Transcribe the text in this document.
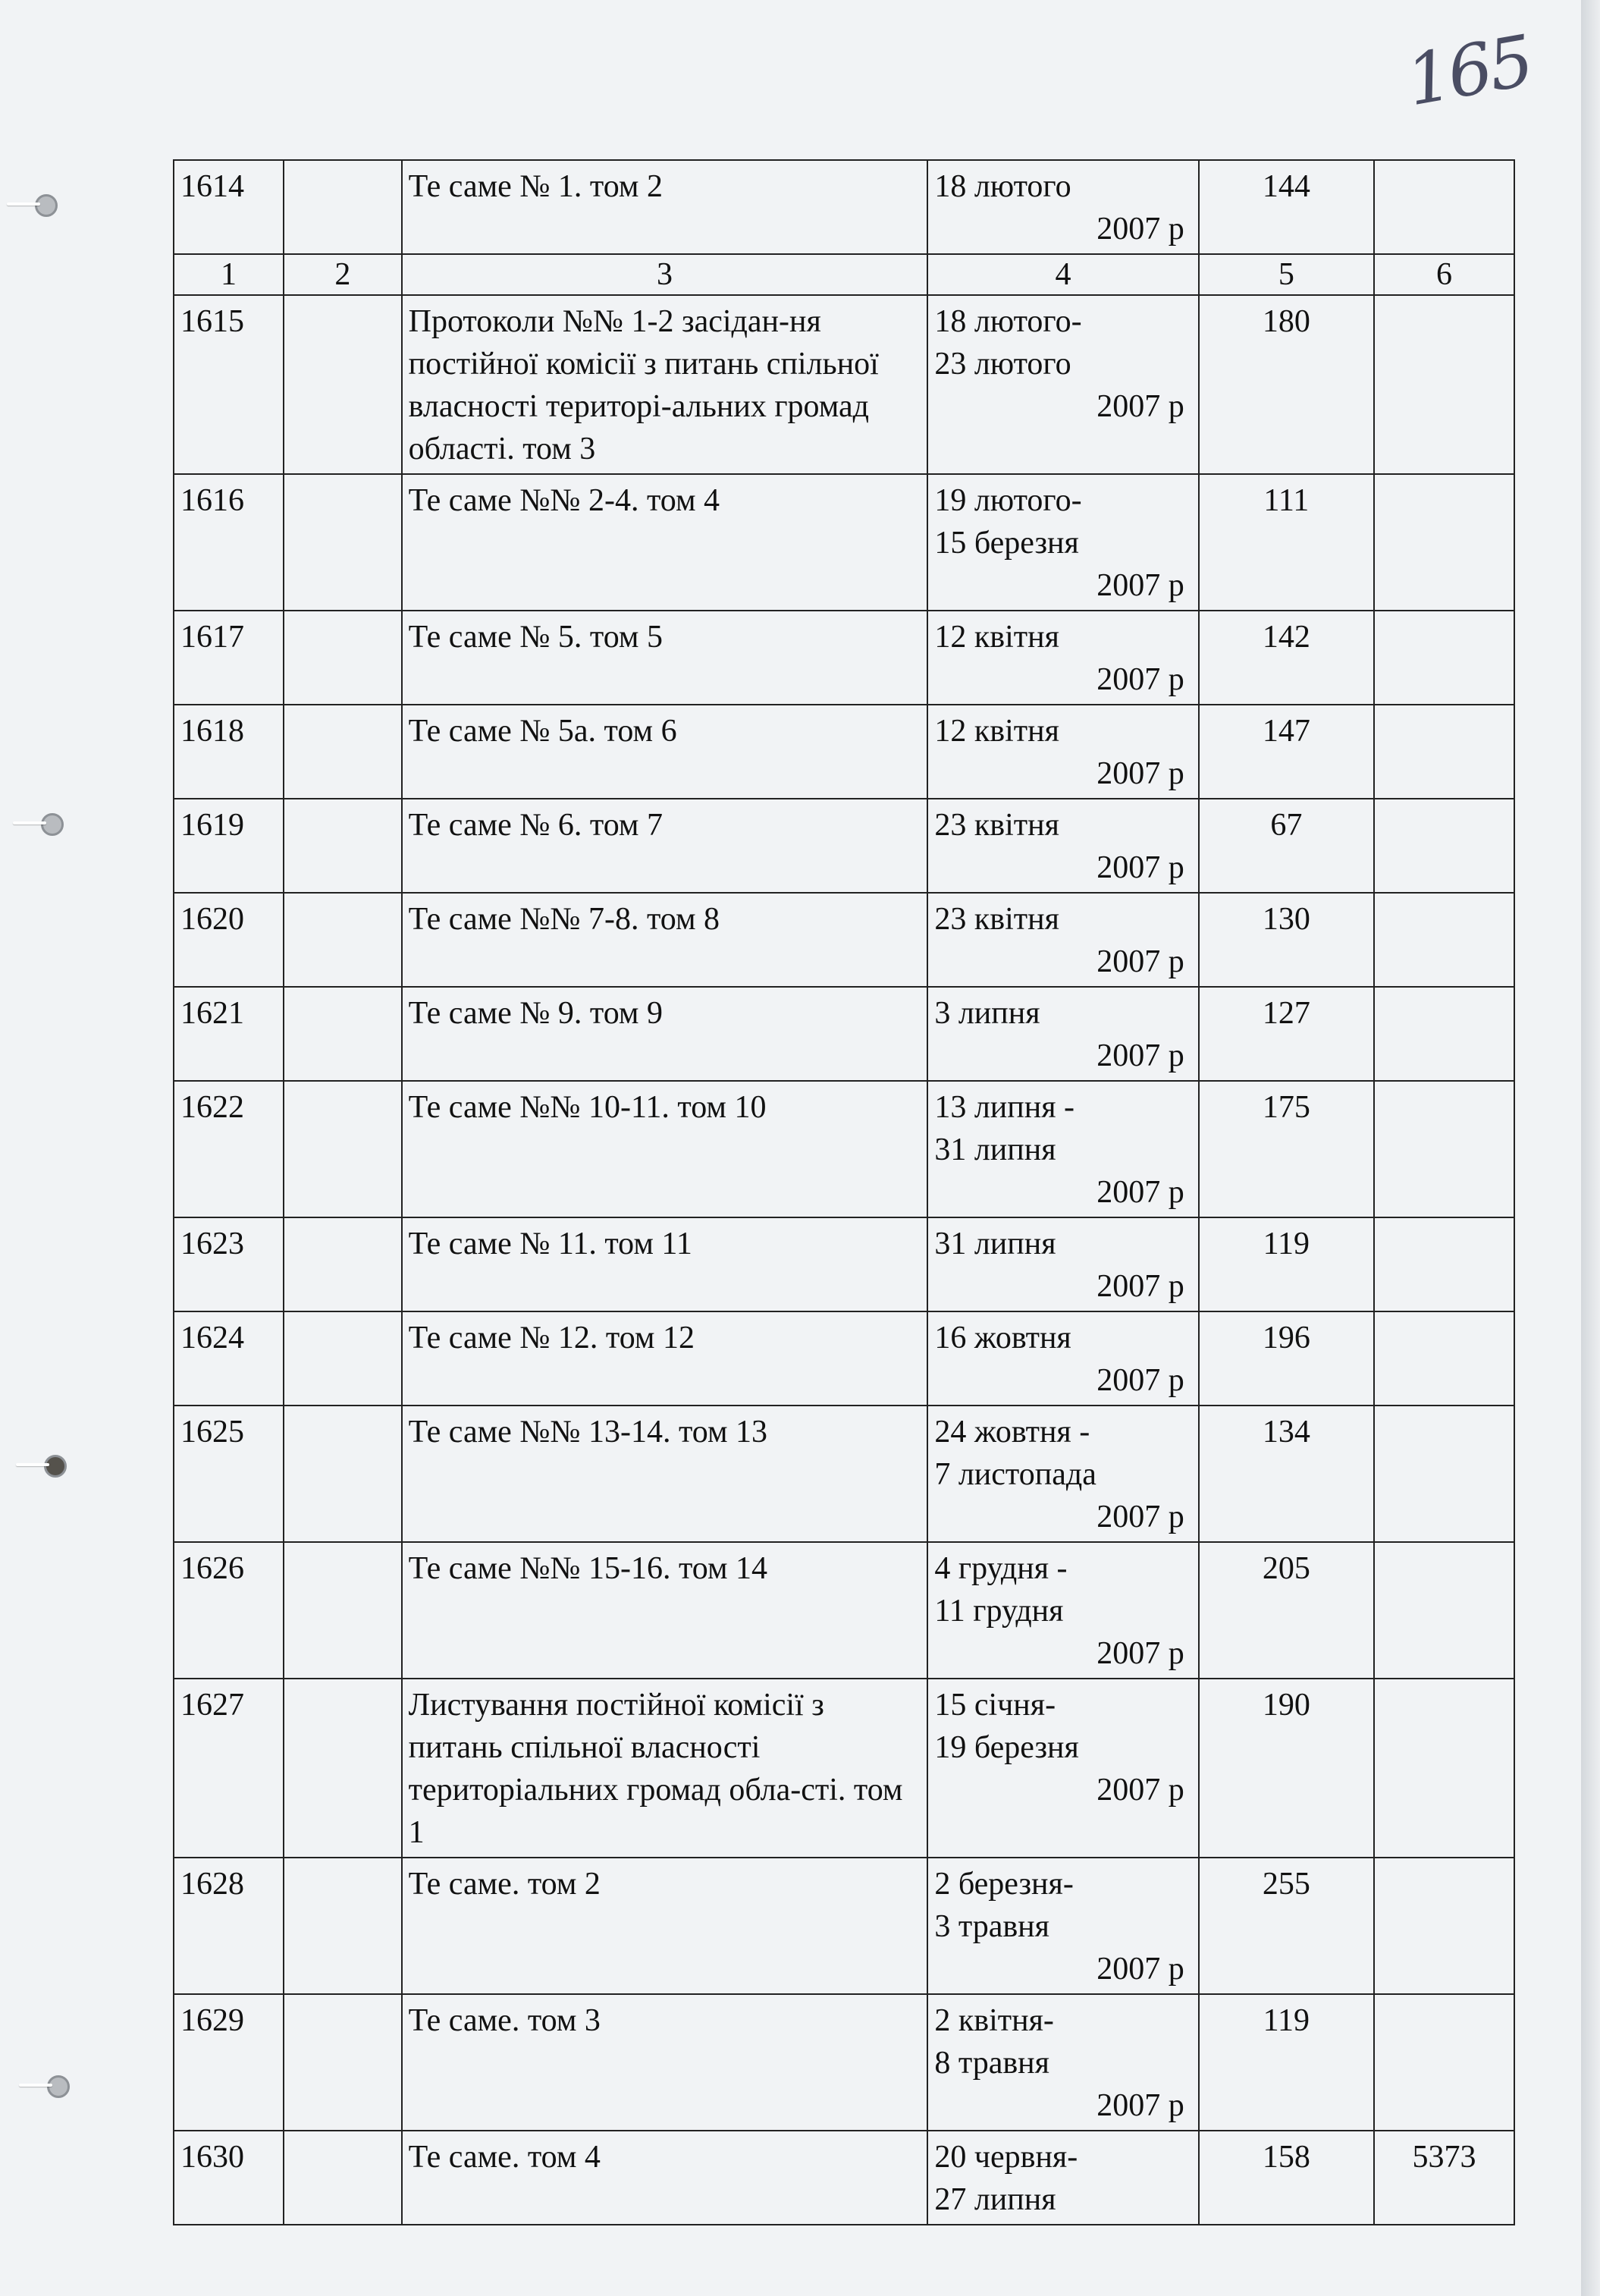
165
1614		Те саме № 1. том 2	18 лютого
2007 р	144	
1	2	3	4	5	6
1615		Протоколи №№ 1-2 засідан-ня постійної комісії з питань спільної власності територі-альних громад області. том 3	18 лютого-
23 лютого
2007 р	180	
1616		Те саме №№ 2-4. том 4	19 лютого-
15 березня
2007 р	111	
1617		Те саме № 5. том 5	12 квітня
2007 р	142	
1618		Те саме № 5а. том 6	12 квітня
2007 р	147	
1619		Те саме № 6. том 7	23 квітня
2007 р	67	
1620		Те саме №№ 7-8. том 8	23 квітня
2007 р	130	
1621		Те саме № 9. том 9	3 липня
2007 р	127	
1622		Те саме №№ 10-11. том 10	13 липня -
31 липня
2007 р	175	
1623		Те саме № 11. том 11	31 липня
2007 р	119	
1624		Те саме № 12. том 12	16 жовтня
2007 р	196	
1625		Те саме №№ 13-14. том 13	24 жовтня -
7 листопада
2007 р	134	
1626		Те саме №№ 15-16. том 14	4 грудня -
11 грудня
2007 р	205	
1627		Листування постійної комісії з питань спільної власності територіальних громад обла-сті. том 1	15 січня-
19 березня
2007 р	190	
1628		Те саме. том 2	2 березня-
3 травня
2007 р	255	
1629		Те саме. том 3	2 квітня-
8 травня
2007 р	119	
1630		Те саме. том 4	20 червня-
27 липня	158	5373
